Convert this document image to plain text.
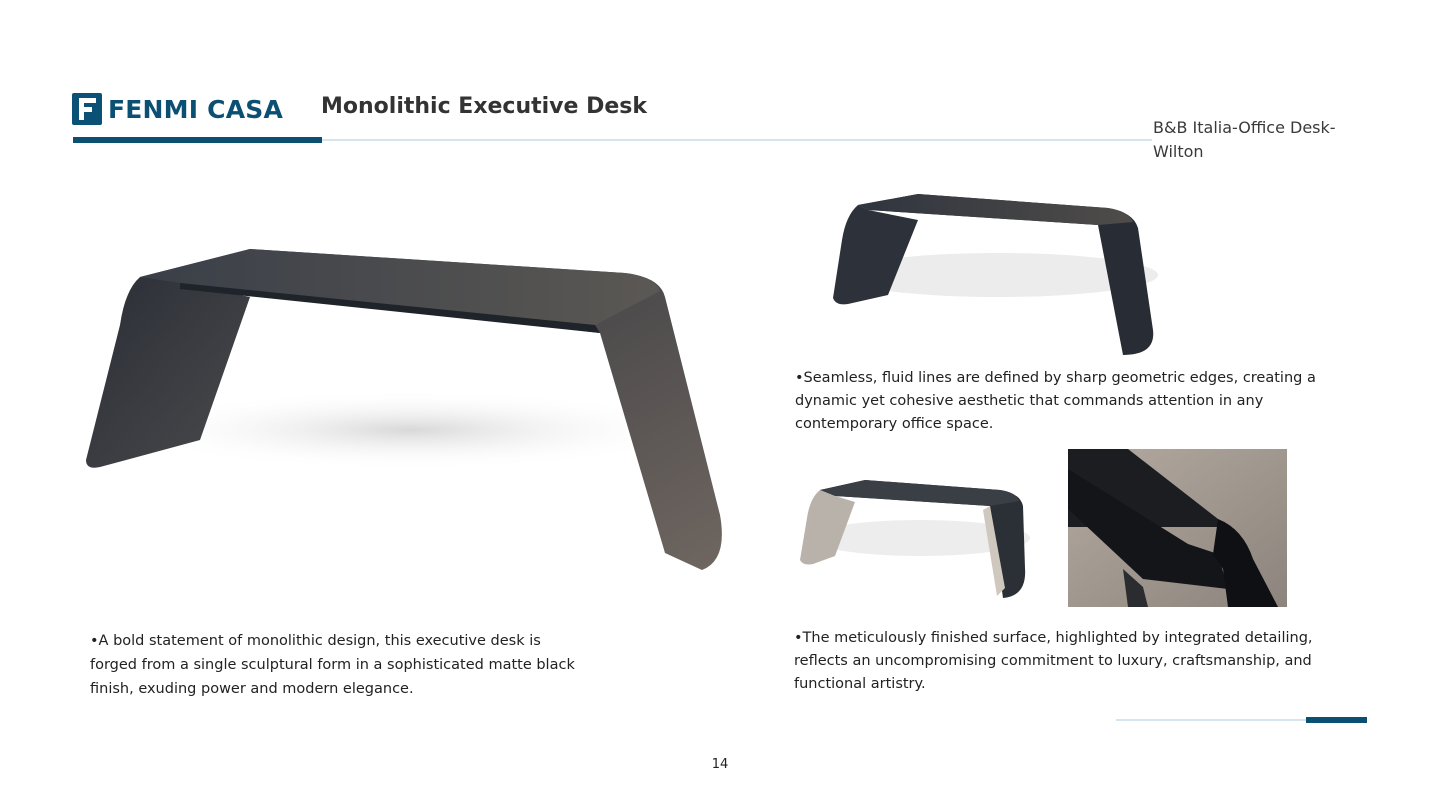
FENMI CASA Monolithic Executive Desk
B&B Italia-Office Desk-Wilton
•Seamless, fluid lines are defined by sharp geometric edges, creating a dynamic yet cohesive aesthetic that commands attention in any contemporary office space.
•A bold statement of monolithic design, this executive desk is forged from a single sculptural form in a sophisticated matte black finish, exuding power and modern elegance.
•The meticulously finished surface, highlighted by integrated detailing, reflects an uncompromising commitment to luxury, craftsmanship, and functional artistry.
14
